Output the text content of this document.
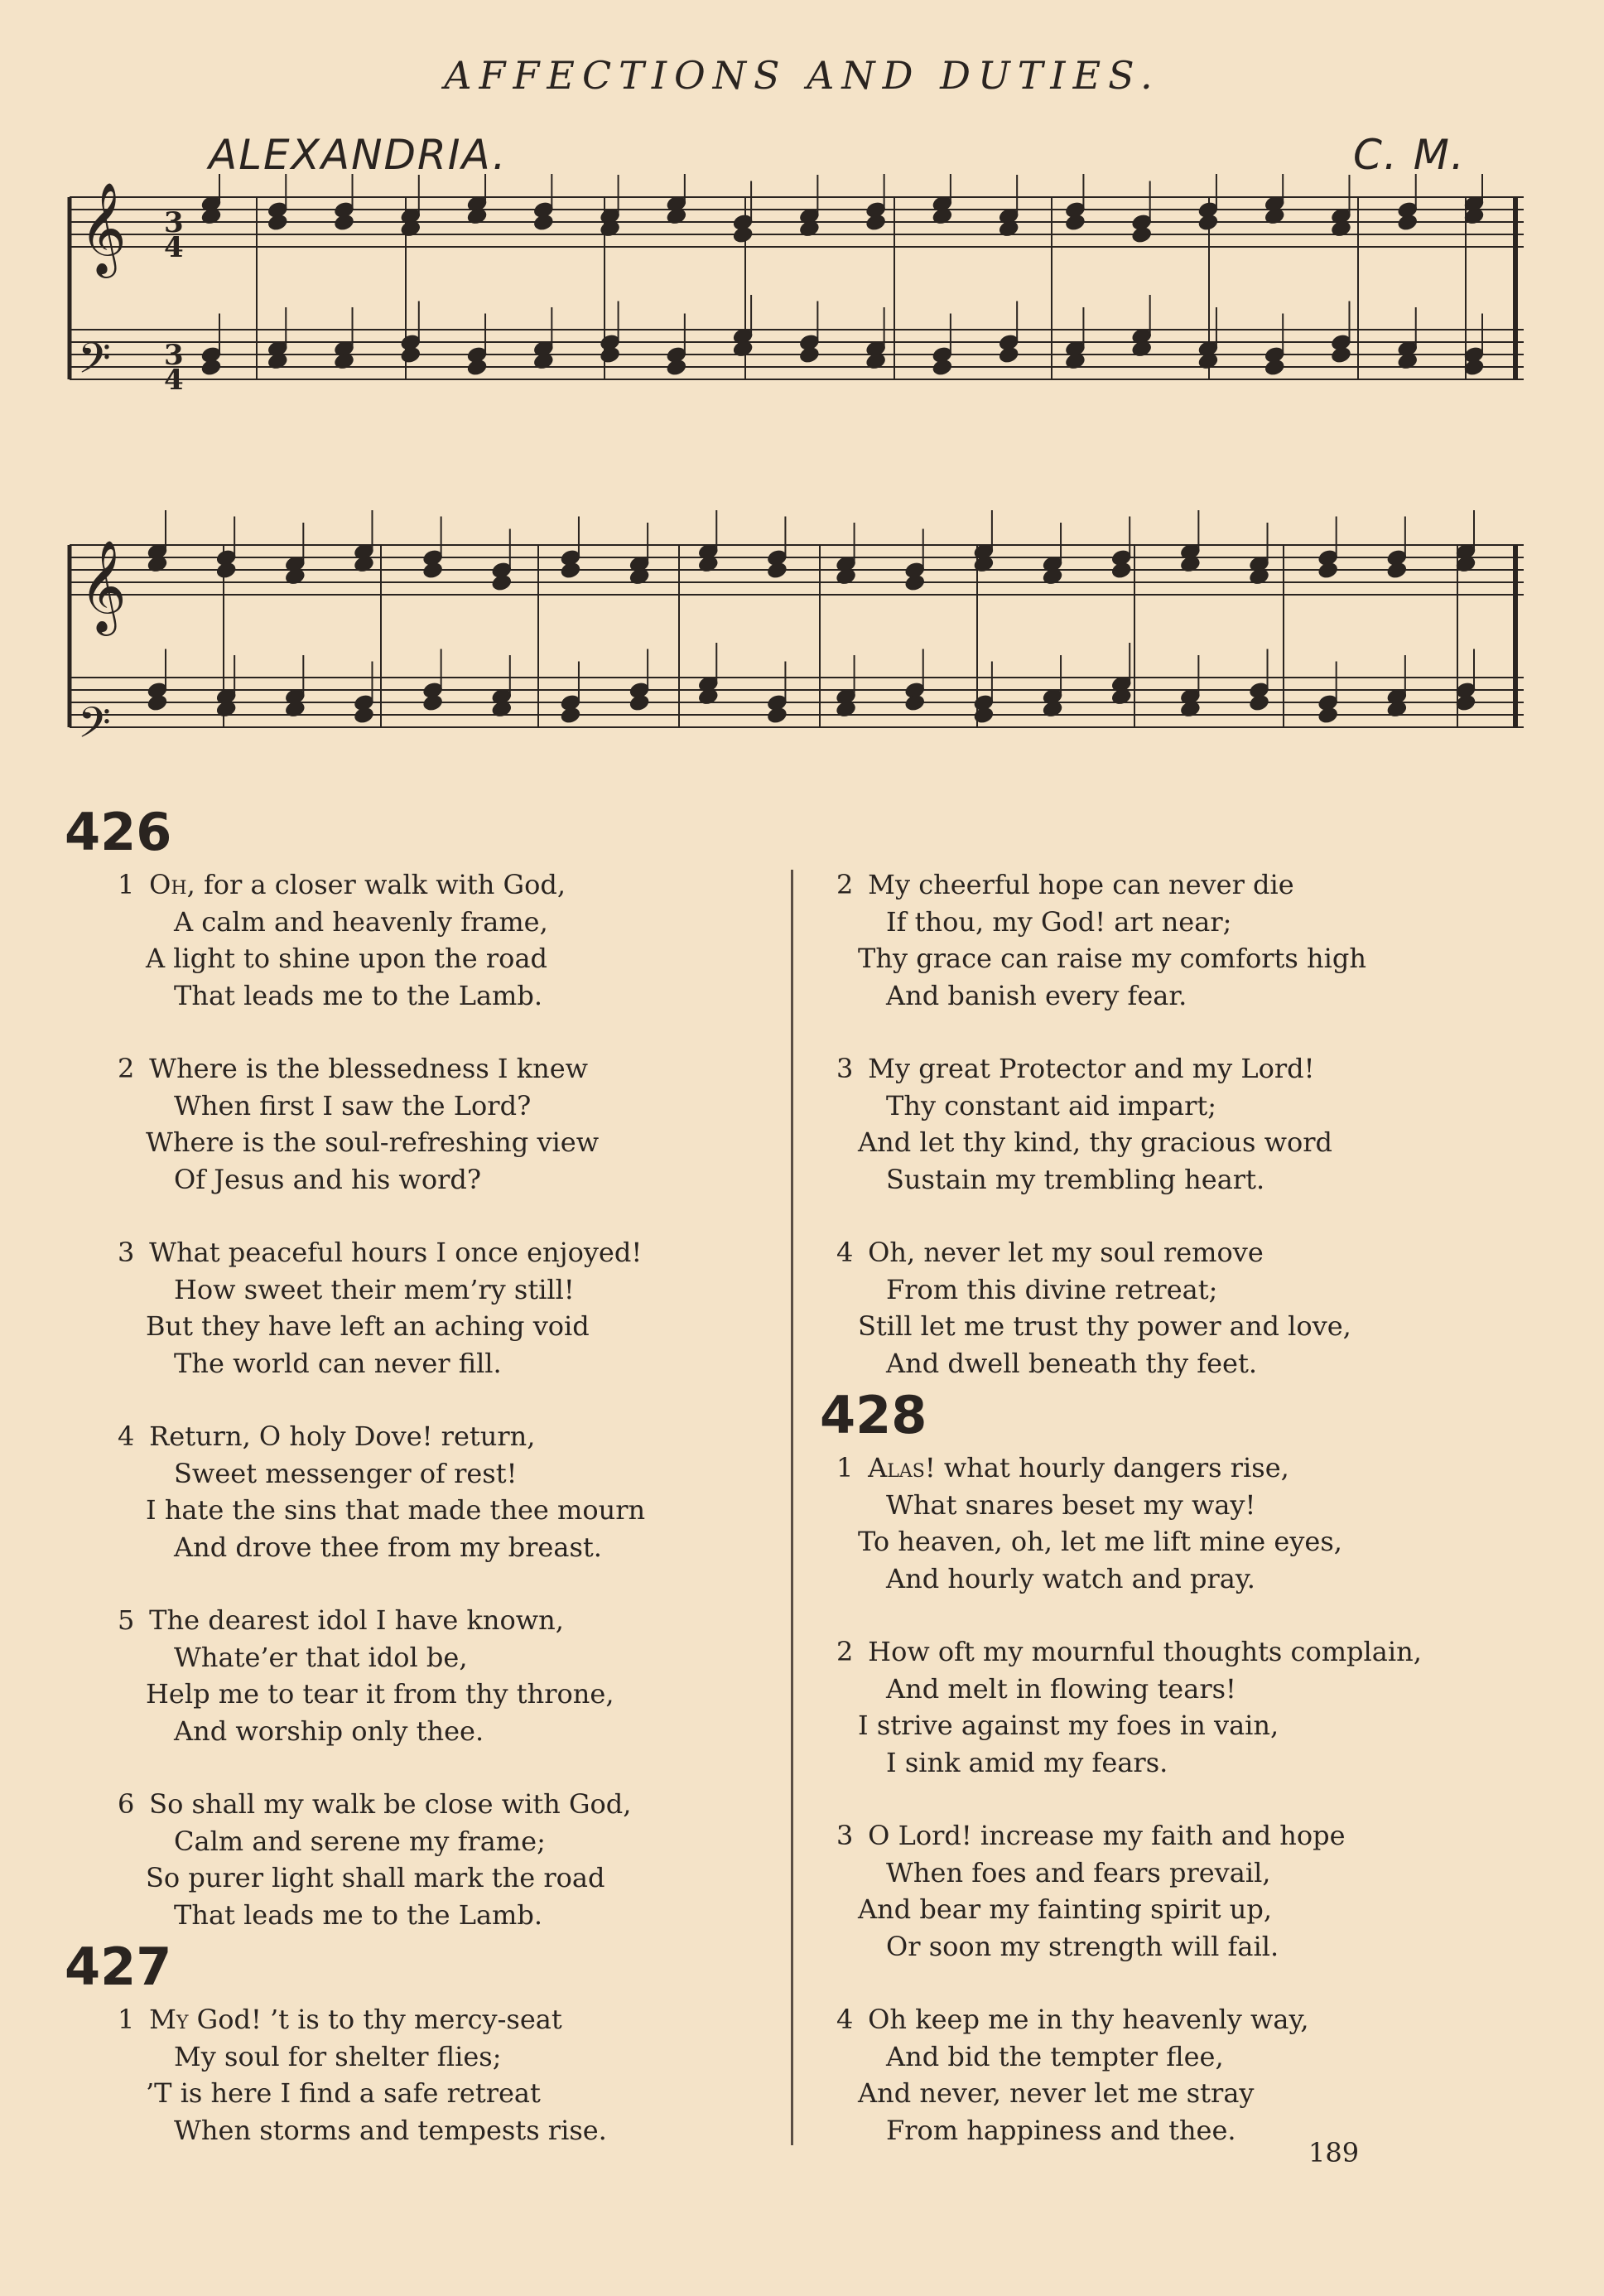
AFFECTIONS AND DUTIES.
ALEXANDRIA.	C. M.
𝄞
𝄢
𝄞
𝄢
3
4
3
4
426
1 Oh, for a closer walk with God,
A calm and heavenly frame,
A light to shine upon the road
That leads me to the Lamb.
2 Where is the blessedness I knew
When first I saw the Lord?
Where is the soul-refreshing view
Of Jesus and his word?
3 What peaceful hours I once enjoyed!
How sweet their mem’ry still!
But they have left an aching void
The world can never fill.
4 Return, O holy Dove! return,
Sweet messenger of rest!
I hate the sins that made thee mourn
And drove thee from my breast.
5 The dearest idol I have known,
Whate’er that idol be,
Help me to tear it from thy throne,
And worship only thee.
6 So shall my walk be close with God,
Calm and serene my frame;
So purer light shall mark the road
That leads me to the Lamb.
427
1 My God! ’t is to thy mercy-seat
My soul for shelter flies;
’T is here I find a safe retreat
When storms and tempests rise.
2 My cheerful hope can never die
If thou, my God! art near;
Thy grace can raise my comforts high
And banish every fear.
3 My great Protector and my Lord!
Thy constant aid impart;
And let thy kind, thy gracious word
Sustain my trembling heart.
4 Oh, never let my soul remove
From this divine retreat;
Still let me trust thy power and love,
And dwell beneath thy feet.
428
1 Alas! what hourly dangers rise,
What snares beset my way!
To heaven, oh, let me lift mine eyes,
And hourly watch and pray.
2 How oft my mournful thoughts complain,
And melt in flowing tears!
I strive against my foes in vain,
I sink amid my fears.
3 O Lord! increase my faith and hope
When foes and fears prevail,
And bear my fainting spirit up,
Or soon my strength will fail.
4 Oh keep me in thy heavenly way,
And bid the tempter flee,
And never, never let me stray
From happiness and thee.
189
